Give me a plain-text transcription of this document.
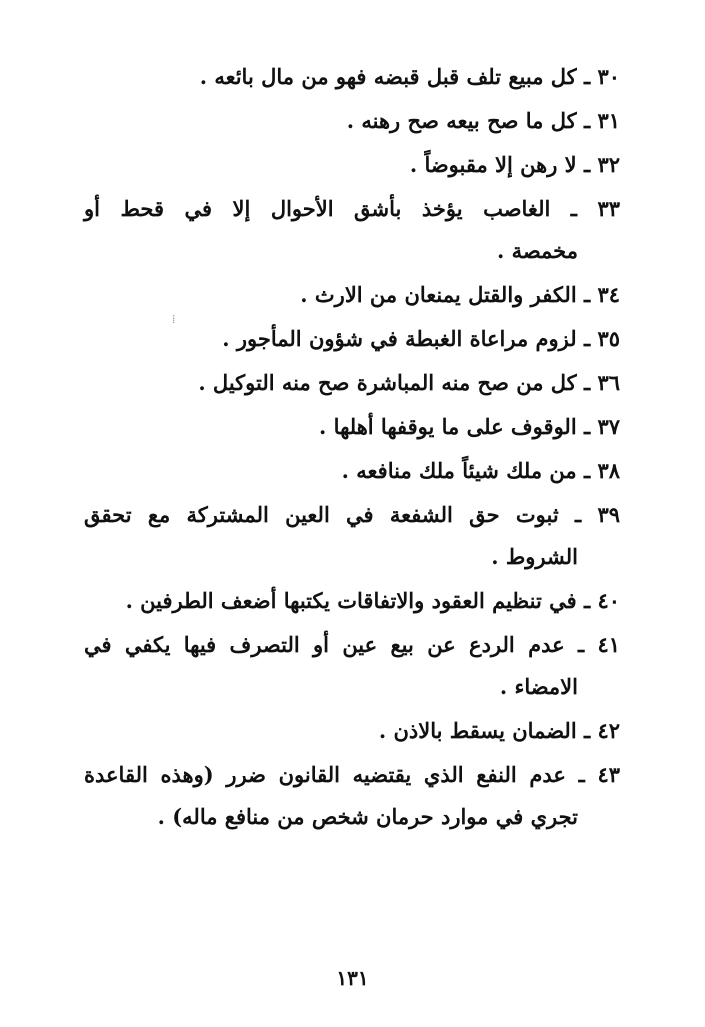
٣٠ ـ كل مبيع تلف قبل قبضه فهو من مال بائعه .

٣١ ـ كل ما صح بيعه صح رهنه .

٣٢ ـ لا رهن إلا مقبوضاً .

٣٣ ـ الغاصب يؤخذ بأشق الأحوال إلا في قحط أو
مخمصة .

٣٤ ـ الكفر والقتل يمنعان من الارث .

٣٥ ـ لزوم مراعاة الغبطة في شؤون المأجور .

٣٦ ـ كل من صح منه المباشرة صح منه التوكيل .

٣٧ ـ الوقوف على ما يوقفها أهلها .

٣٨ ـ من ملك شيئاً ملك منافعه .

٣٩ ـ ثبوت حق الشفعة في العين المشتركة مع تحقق
الشروط .

٤٠ ـ في تنظيم العقود والاتفاقات يكتبها أضعف الطرفين .

٤١ ـ عدم الردع عن بيع عين أو التصرف فيها يكفي في
الامضاء .

٤٢ ـ الضمان يسقط بالاذن .

٤٣ ـ عدم النفع الذي يقتضيه القانون ضرر (وهذه القاعدة
تجري في موارد حرمان شخص من منافع ماله) .

⁞
١٣١
